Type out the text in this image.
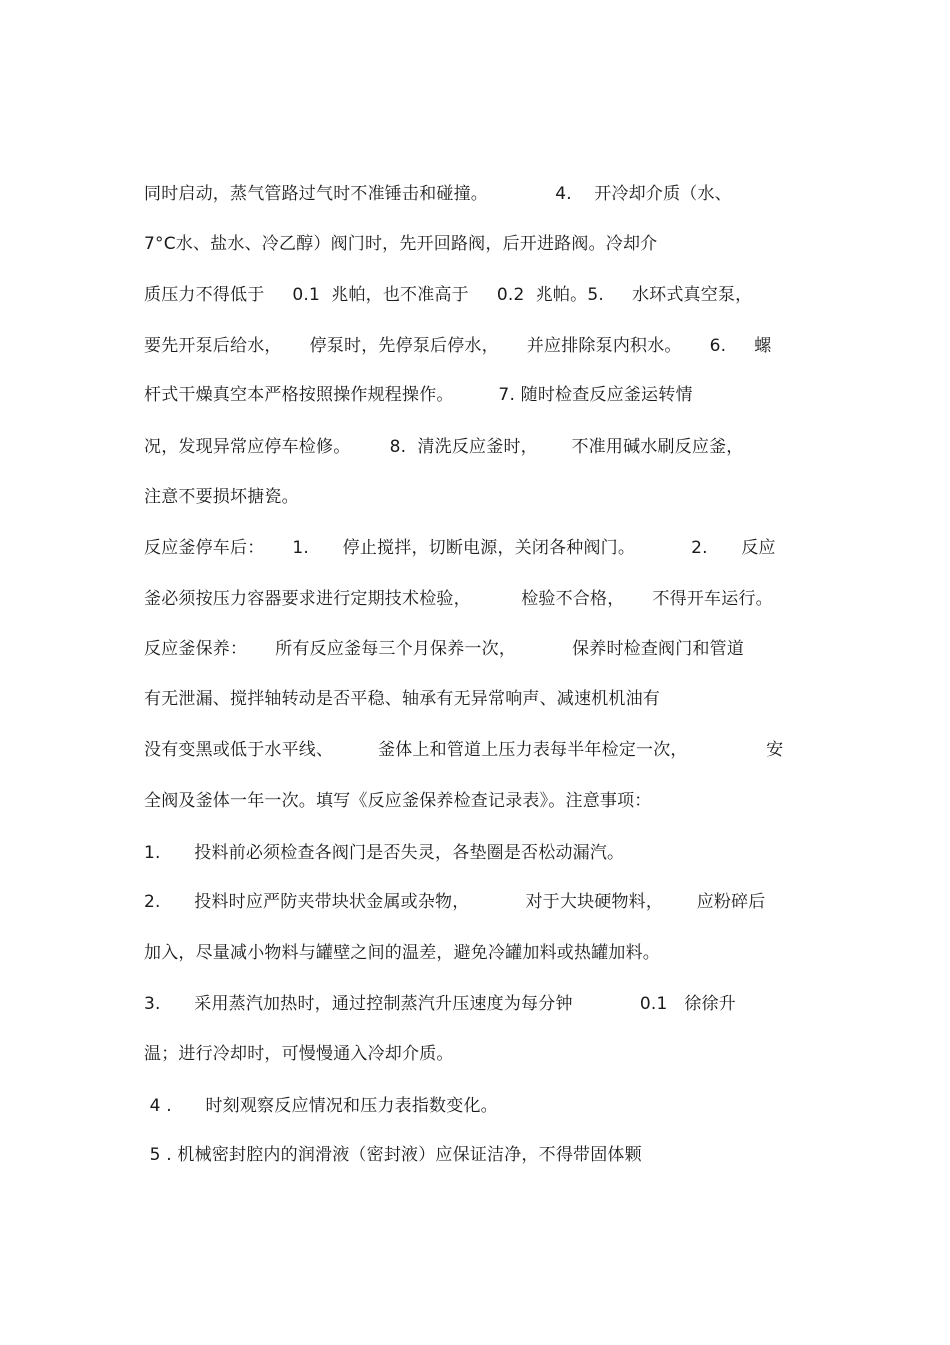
同时启动，蒸气管路过气时不准锤击和碰撞。            4.    开冷却介质（水、
7°C水、盐水、冷乙醇）阀门时，先开回路阀，后开进路阀。冷却介
质压力不得低于     0.1  兆帕，也不准高于     0.2  兆帕。5.     水环式真空泵，
要先开泵后给水，     停泵时，先停泵后停水，     并应排除泵内积水。     6.     螺
杆式干燥真空本严格按照操作规程操作。        7. 随时检查反应釜运转情
况，发现异常应停车检修。       8.  清洗反应釜时，      不准用碱水刷反应釜，
注意不要损坏搪瓷。
反应釜停车后：     1.      停止搅拌，切断电源，关闭各种阀门。          2.      反应
釜必须按压力容器要求进行定期技术检验，         检验不合格，     不得开车运行。
反应釜保养：     所有反应釜每三个月保养一次，          保养时检查阀门和管道
有无泄漏、搅拌轴转动是否平稳、轴承有无异常响声、减速机机油有
没有变黑或低于水平线、        釜体上和管道上压力表每半年检定一次，              安
全阀及釜体一年一次。填写《反应釜保养检查记录表》。注意事项：
1.      投料前必须检查各阀门是否失灵，各垫圈是否松动漏汽。
2.      投料时应严防夹带块状金属或杂物，          对于大块硬物料，      应粉碎后
加入，尽量减小物料与罐壁之间的温差，避免冷罐加料或热罐加料。
3.      采用蒸汽加热时，通过控制蒸汽升压速度为每分钟            0.1   徐徐升
温；进行冷却时，可慢慢通入冷却介质。
4 .      时刻观察反应情况和压力表指数变化。
5 . 机械密封腔内的润滑液（密封液）应保证洁净，不得带固体颗
